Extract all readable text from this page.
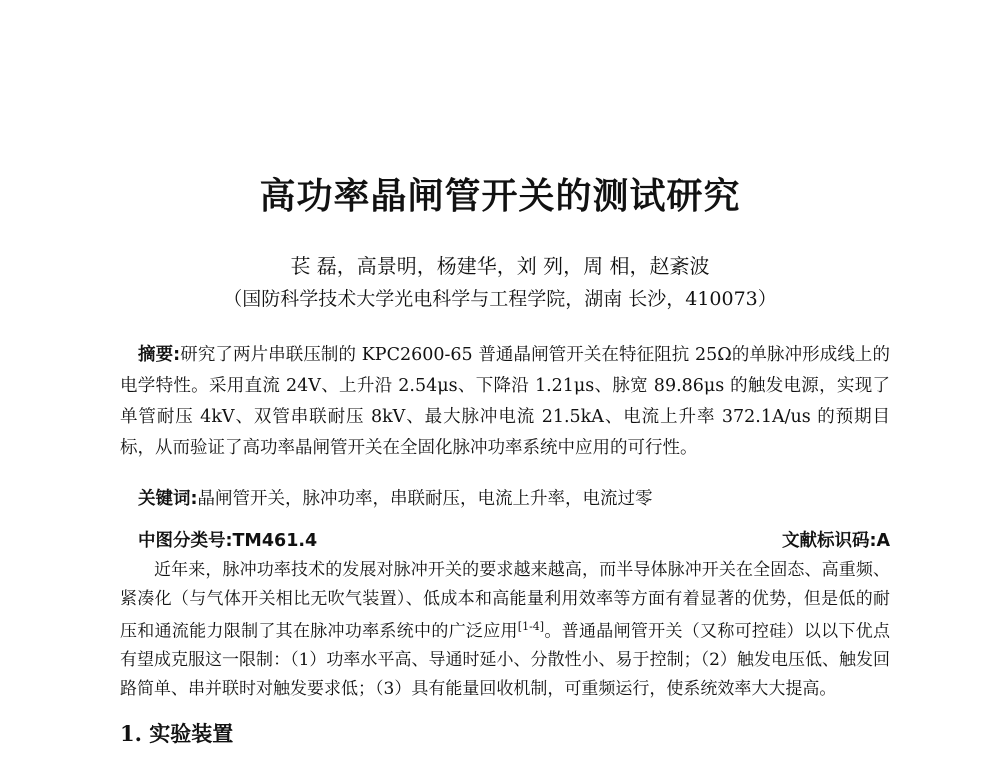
高功率晶闸管开关的测试研究
苌 磊，高景明，杨建华，刘 列，周 相，赵紊波
（国防科学技术大学光电科学与工程学院，湖南 长沙，410073）
摘要:研究了两片串联压制的 KPC2600-65 普通晶闸管开关在特征阻抗 25Ω的单脉冲形成线上的电学特性。采用直流 24V、上升沿 2.54μs、下降沿 1.21μs、脉宽 89.86μs 的触发电源，实现了单管耐压 4kV、双管串联耐压 8kV、最大脉冲电流 21.5kA、电流上升率 372.1A/us 的预期目标，从而验证了高功率晶闸管开关在全固化脉冲功率系统中应用的可行性。
关键词:晶闸管开关，脉冲功率，串联耐压，电流上升率，电流过零
中图分类号:TM461.4	文献标识码:A
近年来，脉冲功率技术的发展对脉冲开关的要求越来越高，而半导体脉冲开关在全固态、高重频、紧凑化（与气体开关相比无吹气装置）、低成本和高能量利用效率等方面有着显著的优势，但是低的耐压和通流能力限制了其在脉冲功率系统中的广泛应用[1-4]。普通晶闸管开关（又称可控硅）以以下优点有望成克服这一限制：（1）功率水平高、导通时延小、分散性小、易于控制；（2）触发电压低、触发回路简单、串并联时对触发要求低；（3）具有能量回收机制，可重频运行，使系统效率大大提高。
1. 实验装置
